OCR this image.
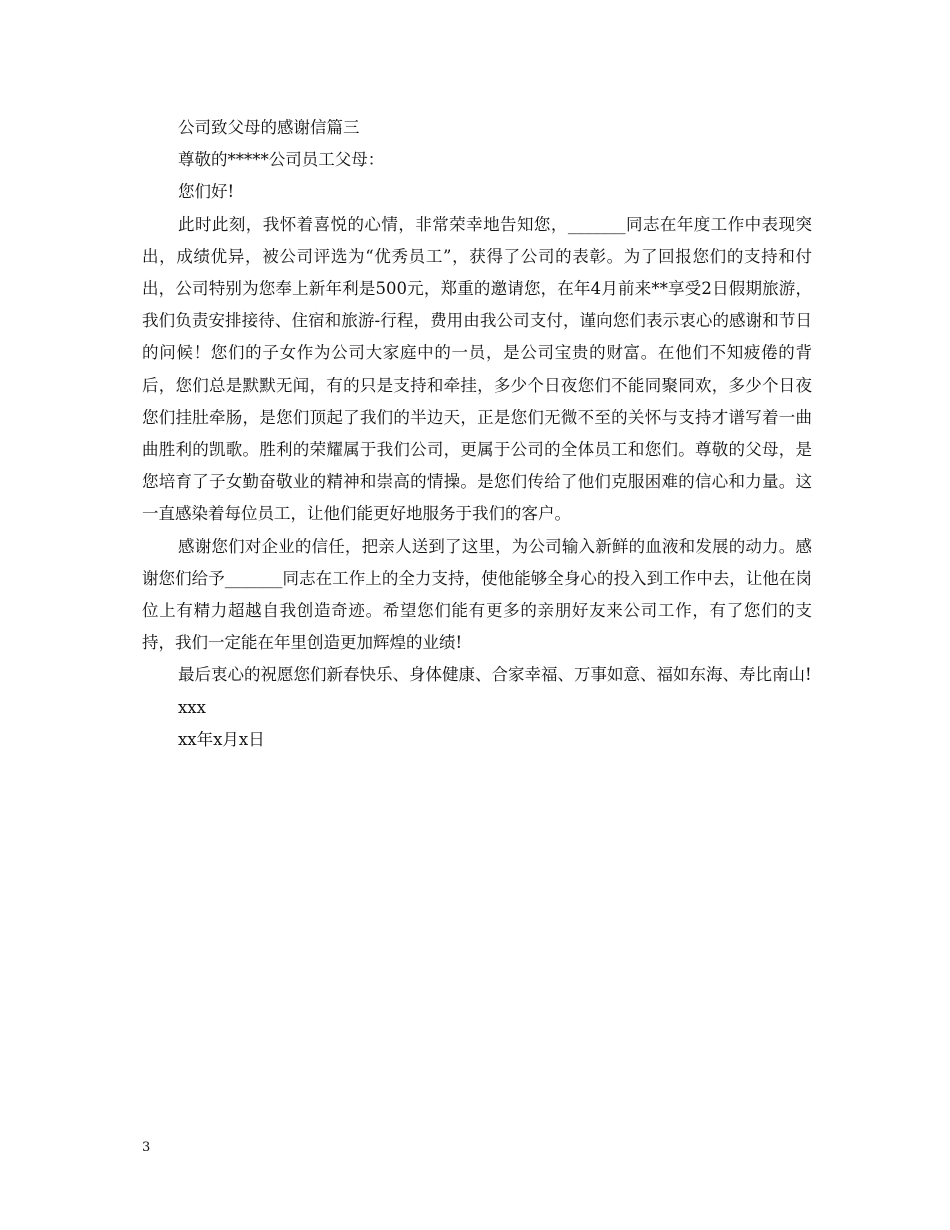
公司致父母的感谢信篇三

尊敬的*****公司员工父母：

您们好!

此时此刻，我怀着喜悦的心情，非常荣幸地告知您，_______同志在年度工作中表现突出，成绩优异，被公司评选为“优秀员工”，获得了公司的表彰。为了回报您们的支持和付出，公司特别为您奉上新年利是500元，郑重的邀请您，在年4月前来**享受2日假期旅游，我们负责安排接待、住宿和旅游-行程，费用由我公司支付，谨向您们表示衷心的感谢和节日的问候！您们的子女作为公司大家庭中的一员，是公司宝贵的财富。在他们不知疲倦的背后，您们总是默默无闻，有的只是支持和牵挂，多少个日夜您们不能同聚同欢，多少个日夜您们挂肚牵肠，是您们顶起了我们的半边天，正是您们无微不至的关怀与支持才谱写着一曲曲胜利的凯歌。胜利的荣耀属于我们公司，更属于公司的全体员工和您们。尊敬的父母，是您培育了子女勤奋敬业的精神和崇高的情操。是您们传给了他们克服困难的信心和力量。这一直感染着每位员工，让他们能更好地服务于我们的客户。

感谢您们对企业的信任，把亲人送到了这里，为公司输入新鲜的血液和发展的动力。感谢您们给予_______同志在工作上的全力支持，使他能够全身心的投入到工作中去，让他在岗位上有精力超越自我创造奇迹。希望您们能有更多的亲朋好友来公司工作，有了您们的支持，我们一定能在年里创造更加辉煌的业绩!

最后衷心的祝愿您们新春快乐、身体健康、合家幸福、万事如意、福如东海、寿比南山!

xxx

xx年x月x日

3
